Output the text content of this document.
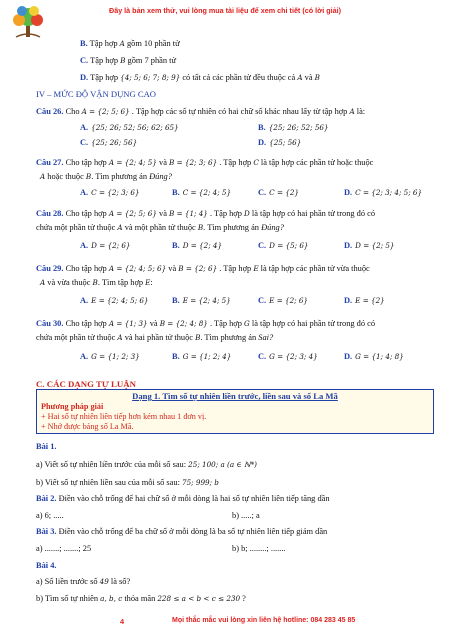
Đây là bản xem thử, vui lòng mua tài liệu để xem chi tiết (có lời giải)
B. Tập hợp A gồm 10 phần tử
C. Tập hợp B gồm 7 phần tử
D. Tập hợp {4; 5; 6; 7; 8; 9} có tất cả các phần tử đều thuộc cả A và B
IV – MỨC ĐỘ VẬN DỤNG CAO
Câu 26. Cho A = {2; 5; 6} . Tập hợp các số tự nhiên có hai chữ số khác nhau lấy từ tập hợp A là:
A. {25; 26; 52; 56; 62; 65}	B. {25; 26; 52; 56}
C. {25; 26; 56}	D. {25; 56}
Câu 27. Cho tập hợp A = {2; 4; 5} và B = {2; 3; 6} . Tập hợp C là tập hợp các phần tử hoặc thuộc
A hoặc thuộc B. Tìm phương án Đúng?
A. C = {2; 3; 6}	B. C = {2; 4; 5}	C. C = {2}	D. C = {2; 3; 4; 5; 6}
Câu 28. Cho tập hợp A = {2; 5; 6} và B = {1; 4} . Tập hợp D là tập hợp có hai phần tử trong đó có
chứa một phần tử thuộc A và một phần tử thuộc B. Tìm phương án Đúng?
A. D = {2; 6}	B. D = {2; 4}	C. D = {5; 6}	D. D = {2; 5}
Câu 29. Cho tập hợp A = {2; 4; 5; 6} và B = {2; 6} . Tập hợp E là tập hợp các phần tử vừa thuộc
A và vừa thuộc B. Tìm tập hợp E:
A. E = {2; 4; 5; 6}	B. E = {2; 4; 5}	C. E = {2; 6}	D. E = {2}
Câu 30. Cho tập hợp A = {1; 3} và B = {2; 4; 8} . Tập hợp G là tập hợp có hai phần tử trong đó có
chứa một phần tử thuộc A và hai phần tử thuộc B. Tìm phương án Sai?
A. G = {1; 2; 3}	B. G = {1; 2; 4}	C. G = {2; 3; 4}	D. G = {1; 4; 8}
C. CÁC DẠNG TỰ LUẬN
Dạng 1. Tìm số tự nhiên liền trước, liền sau và số La Mã
Phương pháp giải
+ Hai số tự nhiên liên tiếp hơn kém nhau 1 đơn vị.
+ Nhớ được bảng số La Mã.
Bài 1.
a) Viết số tự nhiên liền trước của mỗi số sau: 25; 100; a (a ∈ ℕ*)
b) Viết số tự nhiên liền sau của mỗi số sau: 75; 999; b
Bài 2. Điền vào chỗ trống để hai chữ số ở mỗi dòng là hai số tự nhiên liên tiếp tăng dần
a) 6; .....	b) .....; a
Bài 3. Điền vào chỗ trống để ba chữ số ở mỗi dòng là ba số tự nhiên liên tiếp giảm dần
a) .......; .......; 25	b) b; ........; .......
Bài 4.
a) Số liền trước số 49 là số?
b) Tìm số tự nhiên a, b, c thỏa mãn 228 ≤ a < b < c ≤ 230 ?
4	Mọi thắc mắc vui lòng xin liên hệ hotline: 084 283 45 85
